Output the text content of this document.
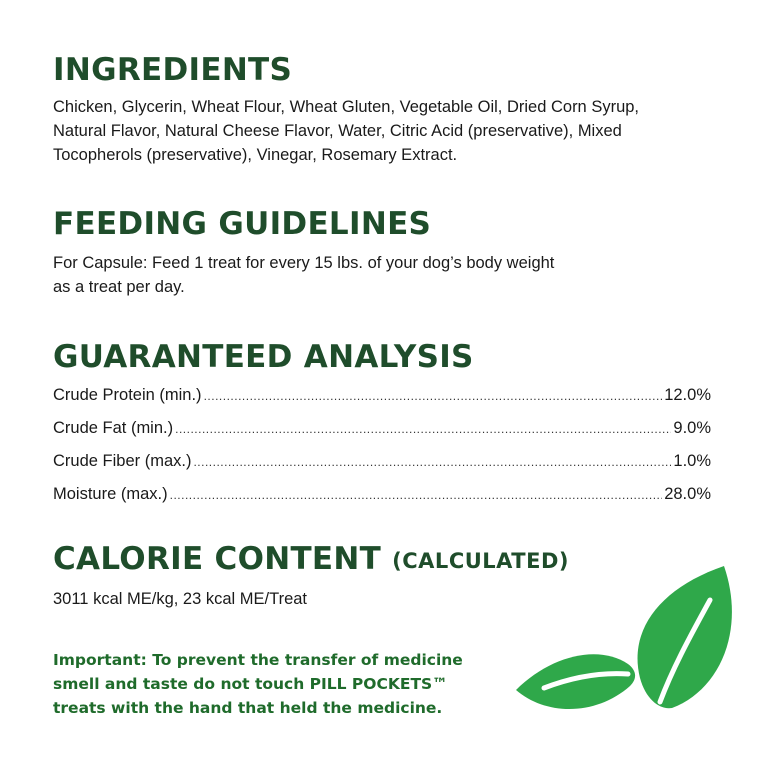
INGREDIENTS

Chicken, Glycerin, Wheat Flour, Wheat Gluten, Vegetable Oil, Dried Corn Syrup,
Natural Flavor, Natural Cheese Flavor, Water, Citric Acid (preservative), Mixed
Tocopherols (preservative), Vinegar, Rosemary Extract.

FEEDING GUIDELINES

For Capsule: Feed 1 treat for every 15 lbs. of your dog’s body weight
as a treat per day.

GUARANTEED ANALYSIS
Crude Protein (min.) .....	12.0%
Crude Fat (min.) .....	9.0%
Crude Fiber (max.) .....	1.0%
Moisture (max.) .....	28.0%
CALORIE CONTENT (CALCULATED)

3011 kcal ME/kg, 23 kcal ME/Treat

Important: To prevent the transfer of medicine
smell and taste do not touch PILL POCKETS™
treats with the hand that held the medicine.
